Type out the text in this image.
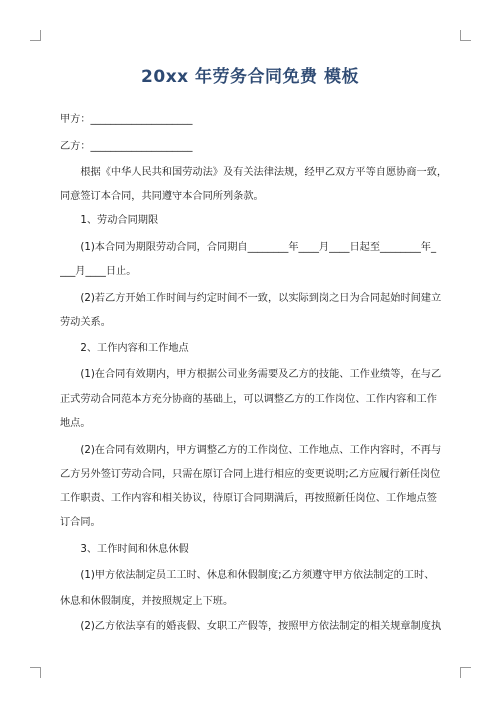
20xx 年劳务合同免费 模板
甲方：____________________
乙方：____________________
　　根据《中华人民共和国劳动法》及有关法律法规，经甲乙双方平等自愿协商一致，
同意签订本合同，共同遵守本合同所列条款。
　　1、劳动合同期限
　　(1)本合同为期限劳动合同，合同期自________年____月____日起至________年_
___月____日止。
　　(2)若乙方开始工作时间与约定时间不一致，以实际到岗之日为合同起始时间建立
劳动关系。
　　2、工作内容和工作地点
　　(1)在合同有效期内，甲方根据公司业务需要及乙方的技能、工作业绩等，在与乙
正式劳动合同范本方充分协商的基础上，可以调整乙方的工作岗位、工作内容和工作
地点。
　　(2)在合同有效期内，甲方调整乙方的工作岗位、工作地点、工作内容时，不再与
乙方另外签订劳动合同，只需在原订合同上进行相应的变更说明;乙方应履行新任岗位
工作职责、工作内容和相关协议，待原订合同期满后，再按照新任岗位、工作地点签
订合同。
　　3、工作时间和休息休假
　　(1)甲方依法制定员工工时、休息和休假制度;乙方须遵守甲方依法制定的工时、
休息和休假制度，并按照规定上下班。
　　(2)乙方依法享有的婚丧假、女职工产假等，按照甲方依法制定的相关规章制度执
